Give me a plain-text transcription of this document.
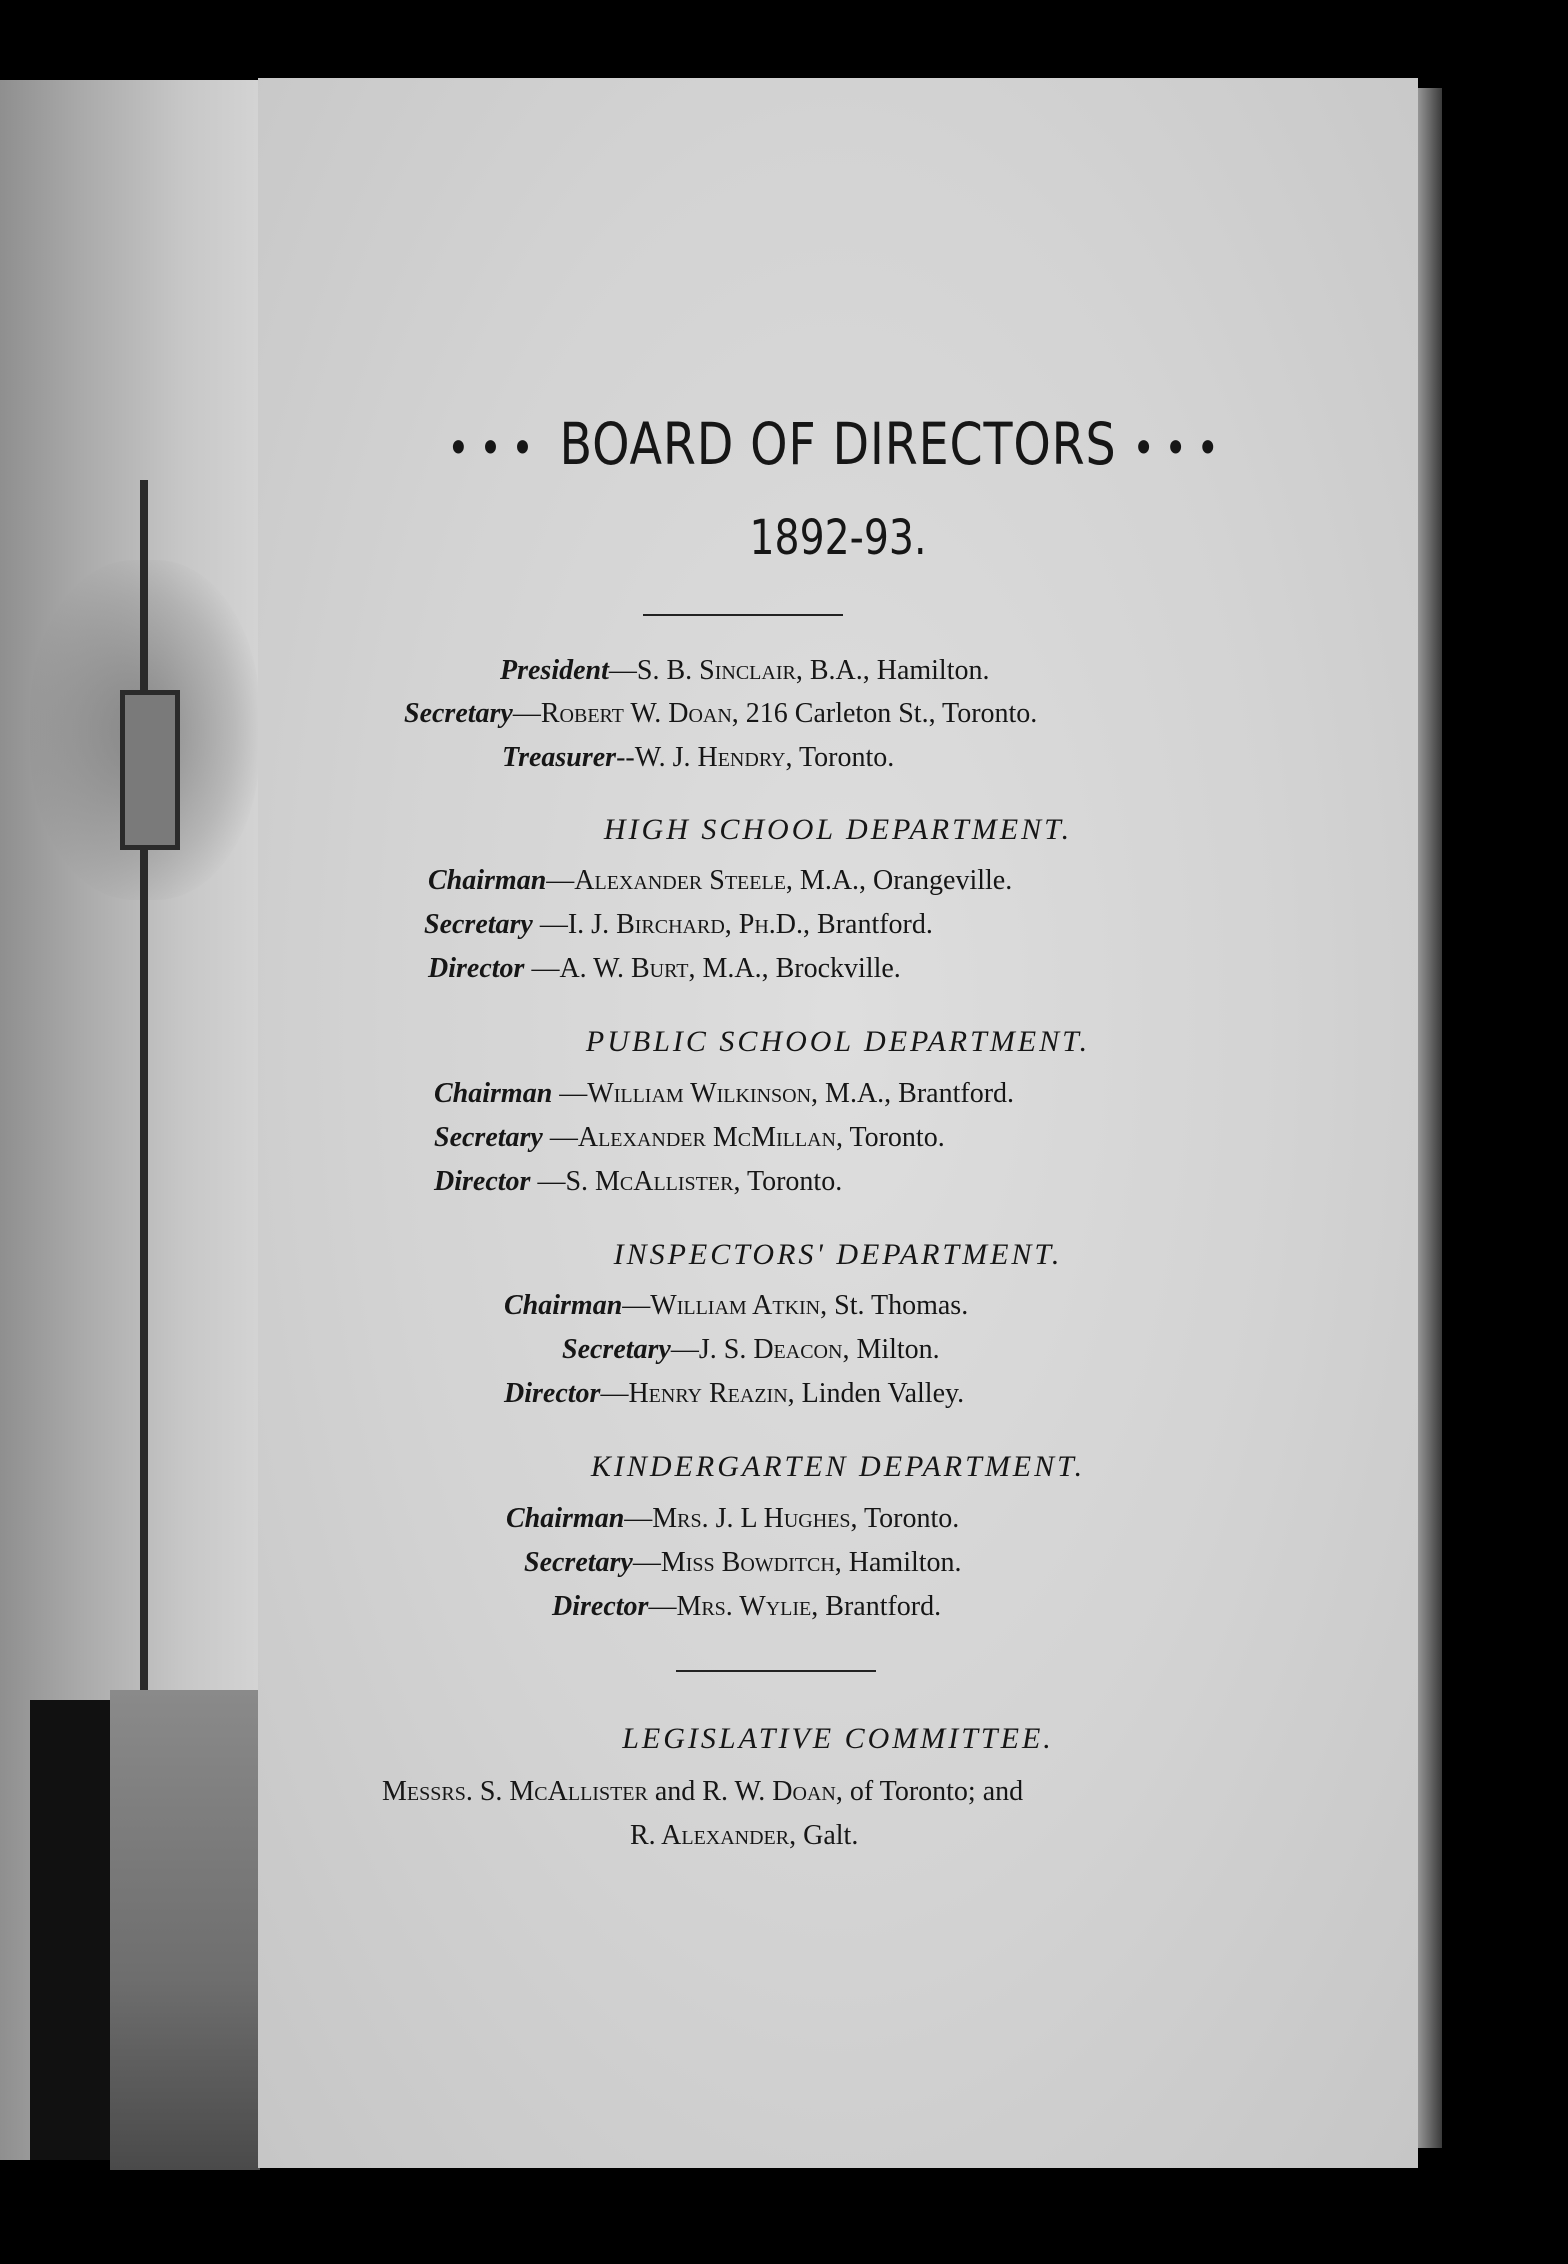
••• BOARD OF DIRECTORS •••
1892-93.
President—S. B. Sinclair, B.A., Hamilton.
Secretary—Robert W. Doan, 216 Carleton St., Toronto.
Treasurer--W. J. Hendry, Toronto.
HIGH SCHOOL DEPARTMENT.
Chairman—Alexander Steele, M.A., Orangeville.
Secretary —I. J. Birchard, Ph.D., Brantford.
Director —A. W. Burt, M.A., Brockville.
PUBLIC SCHOOL DEPARTMENT.
Chairman —William Wilkinson, M.A., Brantford.
Secretary —Alexander McMillan, Toronto.
Director —S. McAllister, Toronto.
INSPECTORS' DEPARTMENT.
Chairman—William Atkin, St. Thomas.
Secretary—J. S. Deacon, Milton.
Director—Henry Reazin, Linden Valley.
KINDERGARTEN DEPARTMENT.
Chairman—Mrs. J. L Hughes, Toronto.
Secretary—Miss Bowditch, Hamilton.
Director—Mrs. Wylie, Brantford.
LEGISLATIVE COMMITTEE.
Messrs. S. McAllister and R. W. Doan, of Toronto; and
R. Alexander, Galt.
